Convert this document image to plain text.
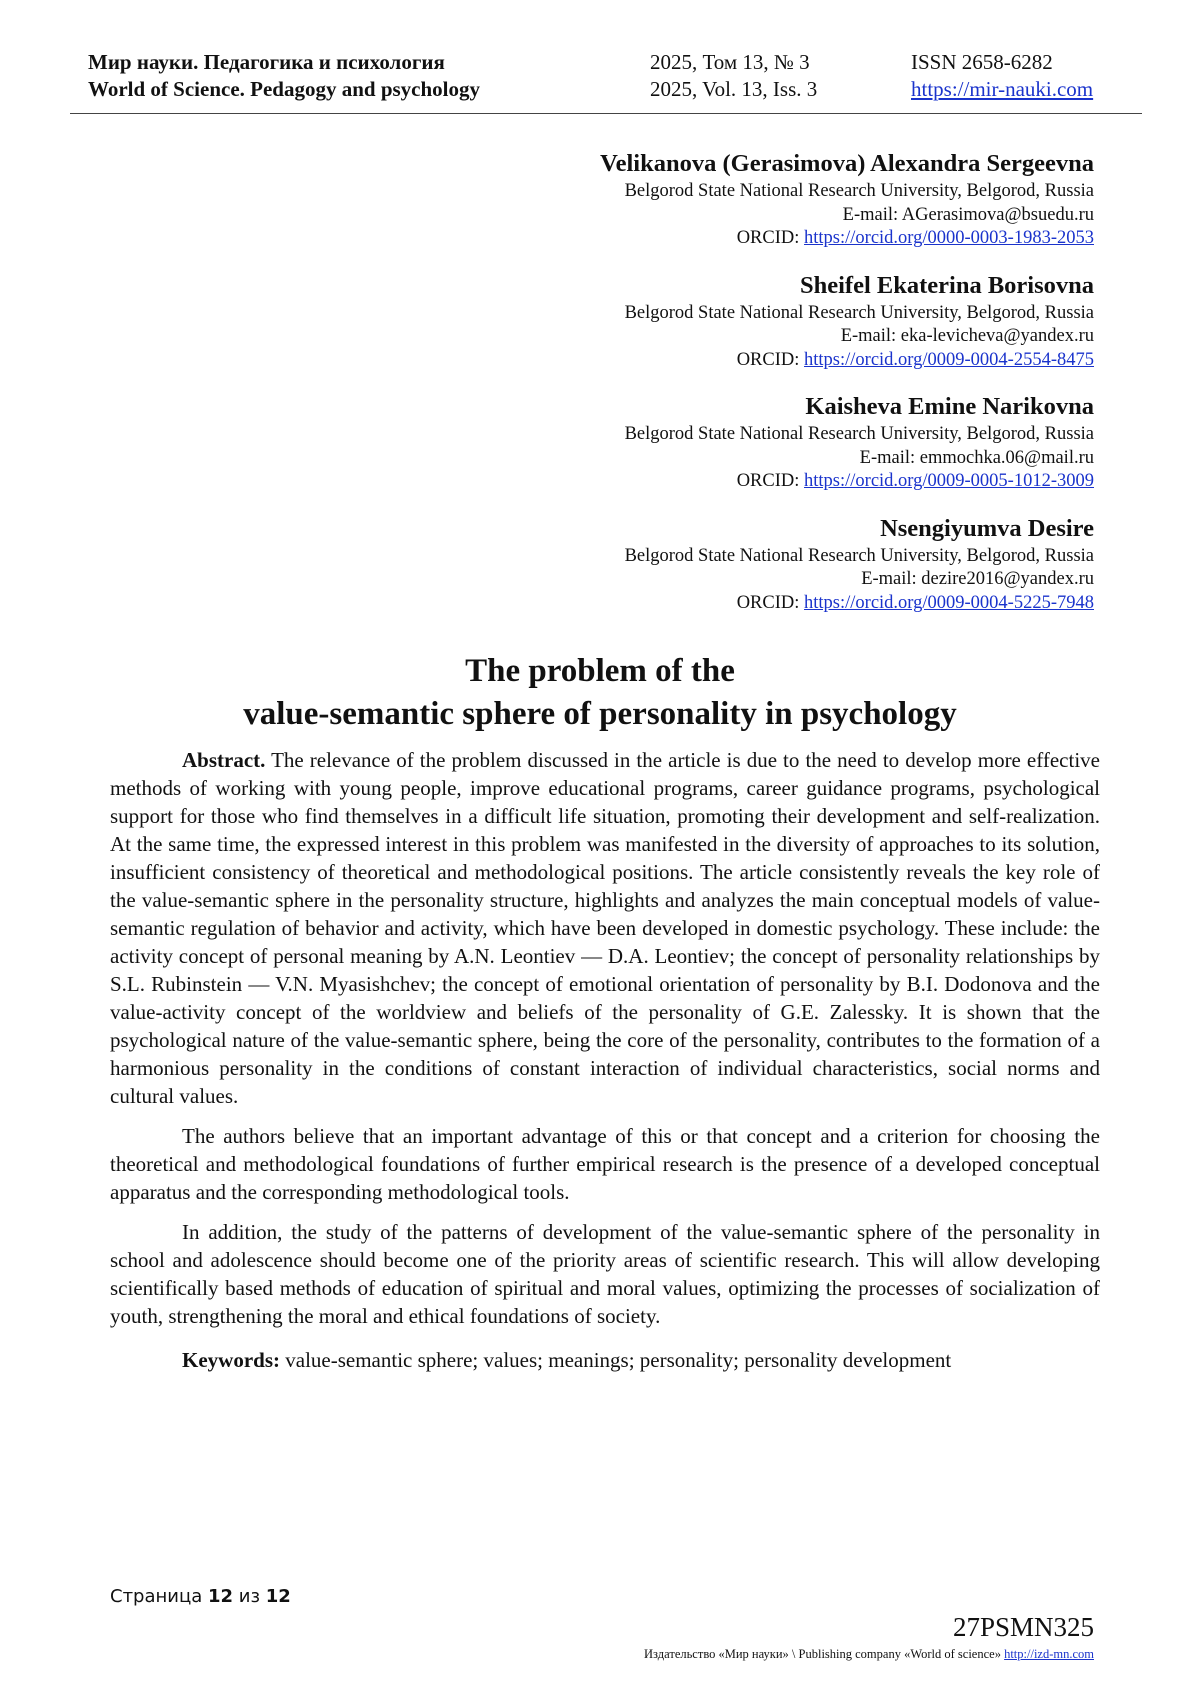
Мир науки. Педагогика и психология	2025, Том 13, № 3	ISSN 2658-6282
World of Science. Pedagogy and psychology	2025, Vol. 13, Iss. 3	https://mir-nauki.com
Velikanova (Gerasimova) Alexandra Sergeevna
Belgorod State National Research University, Belgorod, Russia
E-mail: AGerasimova@bsuedu.ru
ORCID: https://orcid.org/0000-0003-1983-2053
Sheifel Ekaterina Borisovna
Belgorod State National Research University, Belgorod, Russia
E-mail: eka-levicheva@yandex.ru
ORCID: https://orcid.org/0009-0004-2554-8475
Kaisheva Emine Narikovna
Belgorod State National Research University, Belgorod, Russia
E-mail: emmochka.06@mail.ru
ORCID: https://orcid.org/0009-0005-1012-3009
Nsengiyumva Desire
Belgorod State National Research University, Belgorod, Russia
E-mail: dezire2016@yandex.ru
ORCID: https://orcid.org/0009-0004-5225-7948
The problem of the
value-semantic sphere of personality in psychology

Abstract. The relevance of the problem discussed in the article is due to the need to develop more effective methods of working with young people, improve educational programs, career guidance programs, psychological support for those who find themselves in a difficult life situation, promoting their development and self-realization. At the same time, the expressed interest in this problem was manifested in the diversity of approaches to its solution, insufficient consistency of theoretical and methodological positions. The article consistently reveals the key role of the value-semantic sphere in the personality structure, highlights and analyzes the main conceptual models of value-semantic regulation of behavior and activity, which have been developed in domestic psychology. These include: the activity concept of personal meaning by A.N. Leontiev — D.A. Leontiev; the concept of personality relationships by S.L. Rubinstein — V.N. Myasishchev; the concept of emotional orientation of personality by B.I. Dodonova and the value-activity concept of the worldview and beliefs of the personality of G.E. Zalessky. It is shown that the psychological nature of the value-semantic sphere, being the core of the personality, contributes to the formation of a harmonious personality in the conditions of constant interaction of individual characteristics, social norms and cultural values.

The authors believe that an important advantage of this or that concept and a criterion for choosing the theoretical and methodological foundations of further empirical research is the presence of a developed conceptual apparatus and the corresponding methodological tools.

In addition, the study of the patterns of development of the value-semantic sphere of the personality in school and adolescence should become one of the priority areas of scientific research. This will allow developing scientifically based methods of education of spiritual and moral values, optimizing the processes of socialization of youth, strengthening the moral and ethical foundations of society.

Keywords: value-semantic sphere; values; meanings; personality; personality development

Страница 12 из 12
27PSMN325
Издательство «Мир науки» \ Publishing company «World of science» http://izd-mn.com
